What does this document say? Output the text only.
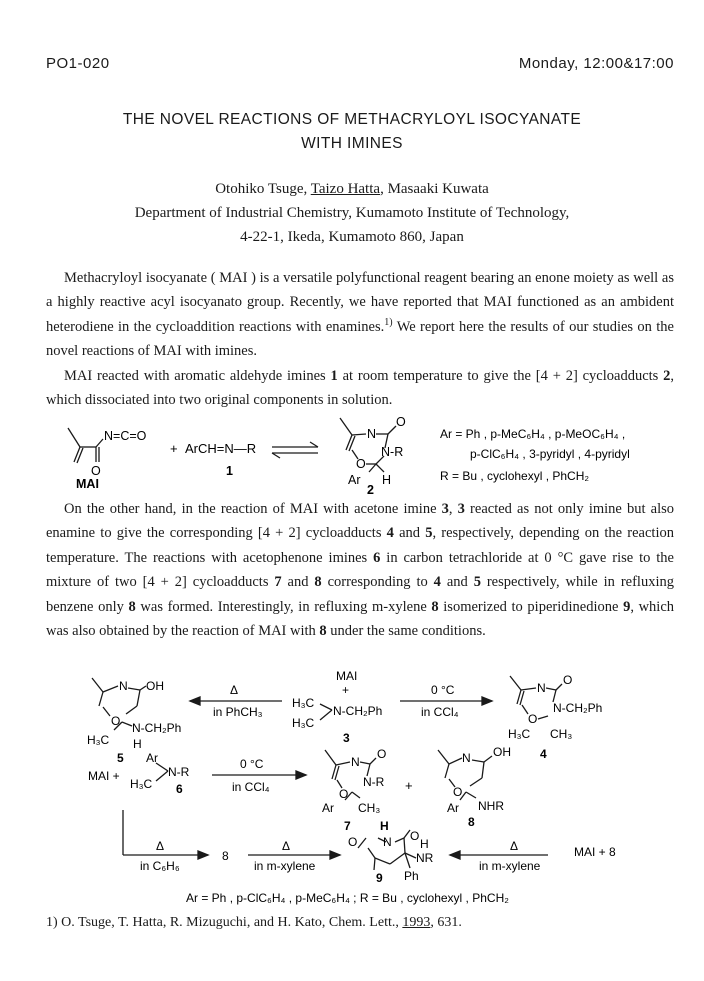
PO1-020	Monday, 12:00&17:00
THE NOVEL REACTIONS OF METHACRYLOYL ISOCYANATE
WITH IMINES
Otohiko Tsuge, Taizo Hatta, Masaaki Kuwata
Department of Industrial Chemistry, Kumamoto Institute of Technology,
4-22-1, Ikeda, Kumamoto 860, Japan

Methacryloyl isocyanate ( MAI ) is a versatile polyfunctional reagent bearing an enone moiety as well as a highly reactive acyl isocyanato group. Recently, we have reported that MAI functioned as an ambident heterodiene in the cycloaddition reactions with enamines.$^{1)}$ We report here the results of our studies on the novel reactions of MAI with imines.

MAI reacted with aromatic aldehyde imines 1 at room temperature to give the [4 + 2] cycloadducts 2, which dissociated into two original components in solution.

N=C=O
O
MAI
+ ArCH=N—R
1
N
O
O
N-R
Ar H
2
Ar = Ph , p-MeC₆H₄ , p-MeOC₆H₄ ,
p-ClC₆H₄ , 3-pyridyl , 4-pyridyl
R = Bu , cyclohexyl , PhCH₂

On the other hand, in the reaction of MAI with acetone imine 3, 3 reacted as not only imine but also enamine to give the corresponding [4 + 2] cycloadducts 4 and 5, respectively, depending on the reaction temperature. The reactions with acetophenone imines 6 in carbon tetrachloride at 0 °C gave rise to the mixture of two [4 + 2] cycloadducts 7 and 8 corresponding to 4 and 5 respectively, while in refluxing benzene only 8 was formed. Interestingly, in refluxing m-xylene 8 isomerized to piperidinedione 9, which was also obtained by the reaction of MAI with 8 under the same conditions.

N OH
O
H₃C
N-CH₂Ph
H
5
Δ
in PhCH₃
MAI
+
H₃C
N-CH₂Ph
H₃C
3
0 °C
in CCl₄
N
O
O
N-CH₂Ph
H₃C CH₃
4
MAI +
Ar
H₃C
N-R
6
0 °C
in CCl₄
N
O
O
N-R
Ar CH₃
7
+
N OH
O
Ar NHR
8
Δ
in C₆H₆
8
Δ
in m-xylene
H
O N O
H
NR
Ph
9
Δ
in m-xylene
MAI + 8
Ar = Ph , p-ClC₆H₄ , p-MeC₆H₄ ; R = Bu , cyclohexyl , PhCH₂
1) O. Tsuge, T. Hatta, R. Mizuguchi, and H. Kato, Chem. Lett., 1993, 631.
